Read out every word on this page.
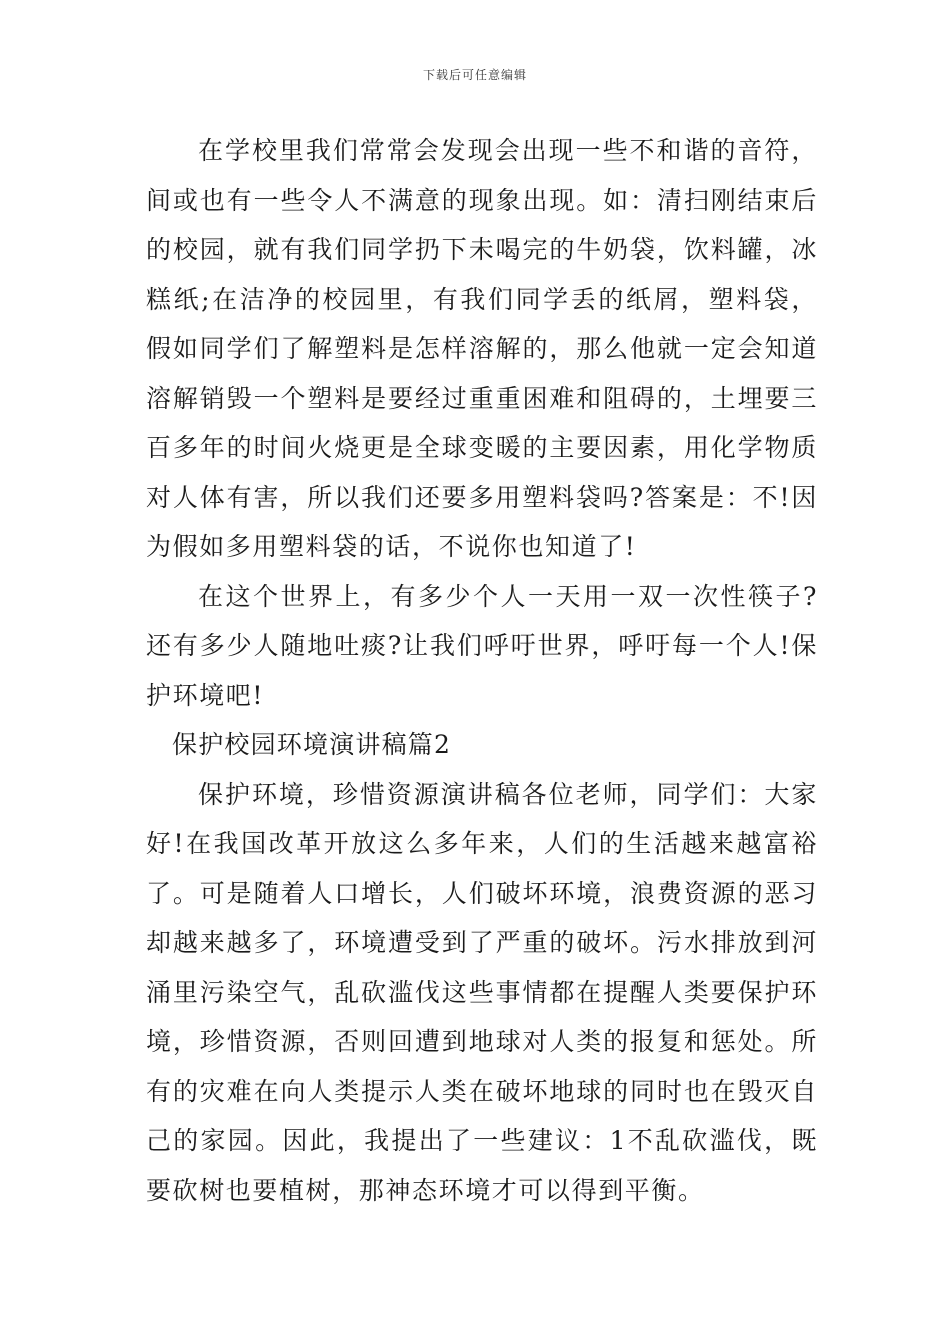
下载后可任意编辑

在学校里我们常常会发现会出现一些不和谐的音符，间或也有一些令人不满意的现象出现。如：清扫刚结束后的校园，就有我们同学扔下未喝完的牛奶袋，饮料罐，冰糕纸;在洁净的校园里，有我们同学丢的纸屑，塑料袋，假如同学们了解塑料是怎样溶解的，那么他就一定会知道溶解销毁一个塑料是要经过重重困难和阻碍的，土埋要三百多年的时间火烧更是全球变暖的主要因素，用化学物质对人体有害，所以我们还要多用塑料袋吗?答案是：不!因为假如多用塑料袋的话，不说你也知道了!

在这个世界上，有多少个人一天用一双一次性筷子?还有多少人随地吐痰?让我们呼吁世界，呼吁每一个人!保护环境吧!

保护校园环境演讲稿篇2

保护环境，珍惜资源演讲稿各位老师，同学们：大家好!在我国改革开放这么多年来，人们的生活越来越富裕了。可是随着人口增长，人们破坏环境，浪费资源的恶习却越来越多了，环境遭受到了严重的破坏。污水排放到河涌里污染空气，乱砍滥伐这些事情都在提醒人类要保护环境，珍惜资源，否则回遭到地球对人类的报复和惩处。所有的灾难在向人类提示人类在破坏地球的同时也在毁灭自己的家园。因此，我提出了一些建议：1不乱砍滥伐，既要砍树也要植树，那神态环境才可以得到平衡。
